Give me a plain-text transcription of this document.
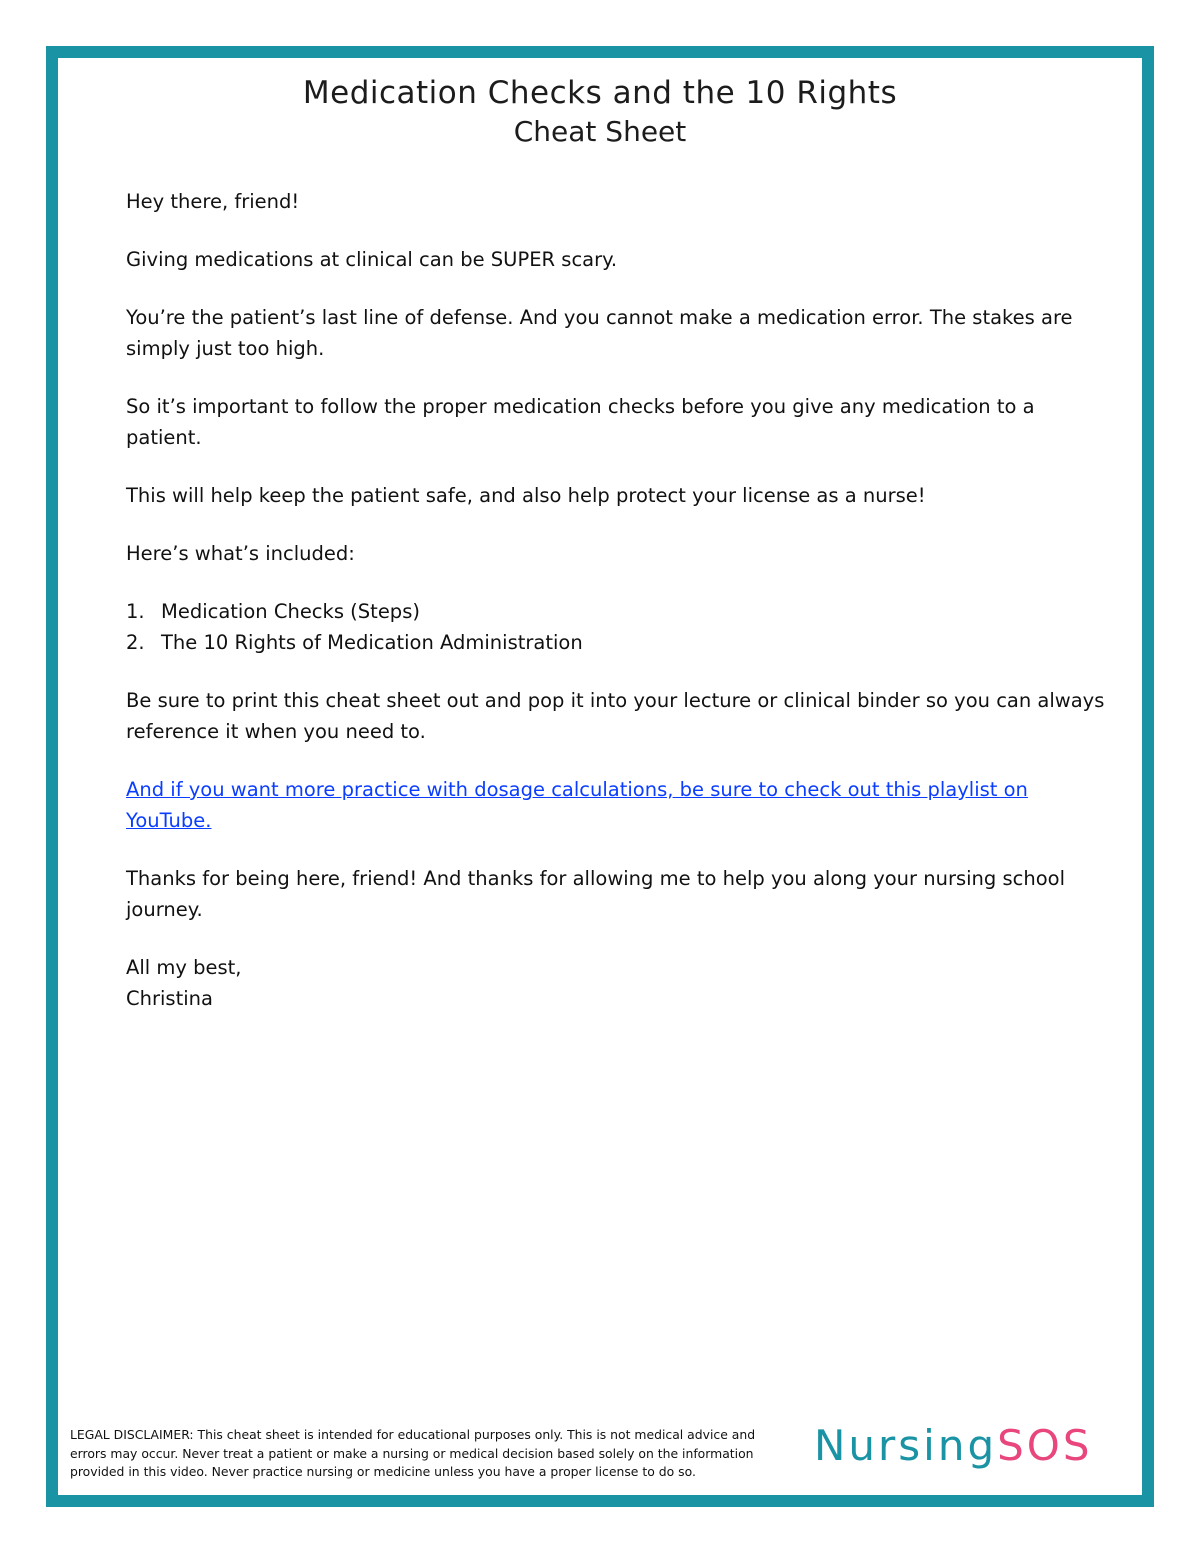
Medication Checks and the 10 Rights
Cheat Sheet

Hey there, friend!

Giving medications at clinical can be SUPER scary.

You’re the patient’s last line of defense. And you cannot make a medication error. The stakes are simply just too high.

So it’s important to follow the proper medication checks before you give any medication to a patient.

This will help keep the patient safe, and also help protect your license as a nurse!

Here’s what’s included:

1. Medication Checks (Steps)
2. The 10 Rights of Medication Administration

Be sure to print this cheat sheet out and pop it into your lecture or clinical binder so you can always reference it when you need to.

And if you want more practice with dosage calculations, be sure to check out this playlist on YouTube.

Thanks for being here, friend! And thanks for allowing me to help you along your nursing school journey.

All my best,
Christina

LEGAL DISCLAIMER: This cheat sheet is intended for educational purposes only. This is not medical advice and errors may occur. Never treat a patient or make a nursing or medical decision based solely on the information provided in this video. Never practice nursing or medicine unless you have a proper license to do so.
NursingSOS
